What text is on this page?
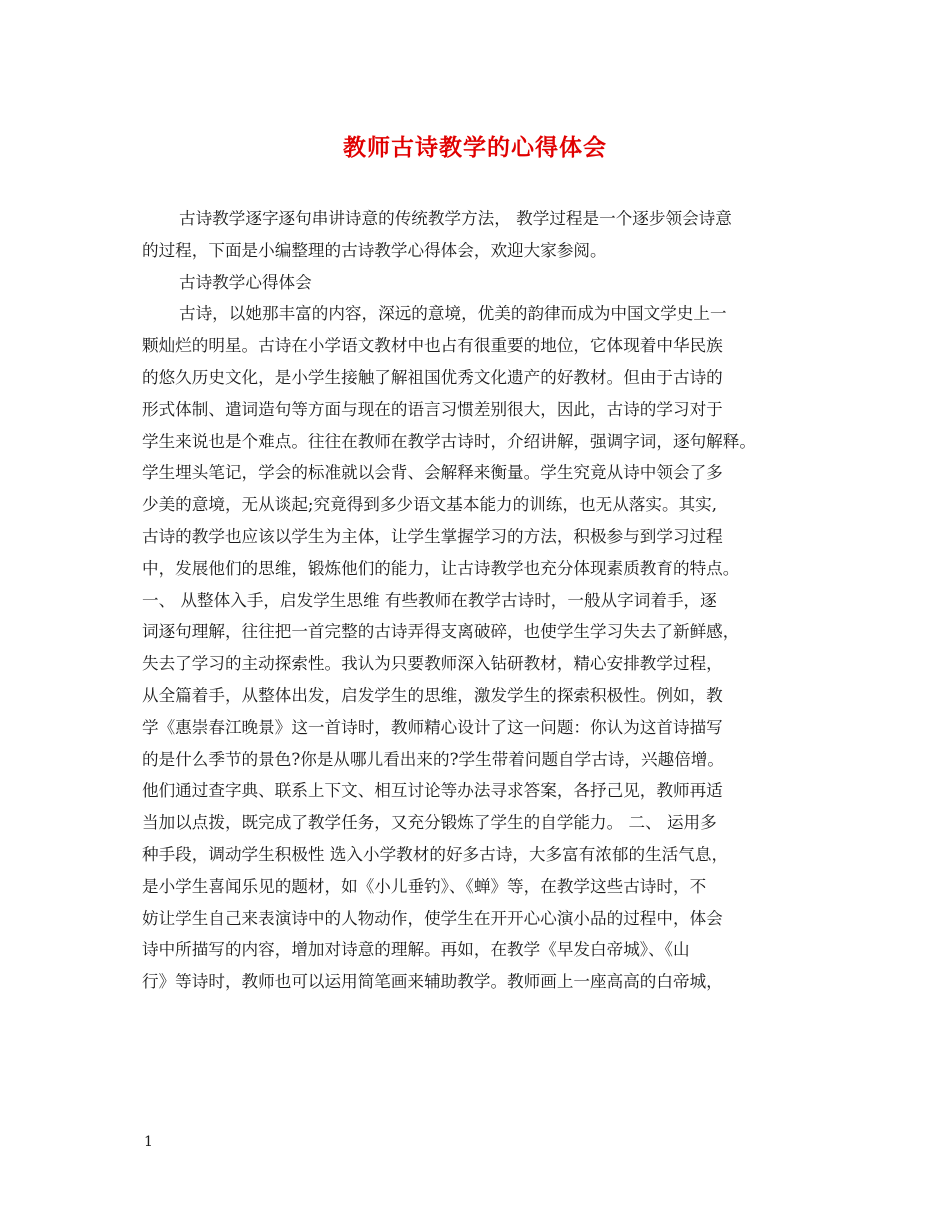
教师古诗教学的心得体会
古诗教学逐字逐句串讲诗意的传统教学方法， 教学过程是一个逐步领会诗意
的过程，下面是小编整理的古诗教学心得体会，欢迎大家参阅。
古诗教学心得体会
古诗，以她那丰富的内容，深远的意境，优美的韵律而成为中国文学史上一
颗灿烂的明星。古诗在小学语文教材中也占有很重要的地位，它体现着中华民族
的悠久历史文化，是小学生接触了解祖国优秀文化遗产的好教材。但由于古诗的
形式体制、遣词造句等方面与现在的语言习惯差别很大，因此，古诗的学习对于
学生来说也是个难点。往往在教师在教学古诗时，介绍讲解，强调字词，逐句解释。
学生埋头笔记，学会的标准就以会背、会解释来衡量。学生究竟从诗中领会了多
少美的意境，无从谈起;究竟得到多少语文基本能力的训练，也无从落实。其实,
古诗的教学也应该以学生为主体，让学生掌握学习的方法，积极参与到学习过程
中，发展他们的思维，锻炼他们的能力，让古诗教学也充分体现素质教育的特点。
一、 从整体入手，启发学生思维 有些教师在教学古诗时，一般从字词着手，逐
词逐句理解，往往把一首完整的古诗弄得支离破碎，也使学生学习失去了新鲜感，
失去了学习的主动探索性。我认为只要教师深入钻研教材，精心安排教学过程，
从全篇着手，从整体出发，启发学生的思维，激发学生的探索积极性。例如，教
学《惠崇春江晚景》这一首诗时，教师精心设计了这一问题：你认为这首诗描写
的是什么季节的景色?你是从哪儿看出来的?学生带着问题自学古诗，兴趣倍增。
他们通过查字典、联系上下文、相互讨论等办法寻求答案，各抒己见，教师再适
当加以点拨，既完成了教学任务，又充分锻炼了学生的自学能力。 二、 运用多
种手段，调动学生积极性 选入小学教材的好多古诗，大多富有浓郁的生活气息，
是小学生喜闻乐见的题材，如《小儿垂钓》、《蝉》等，在教学这些古诗时，不
妨让学生自己来表演诗中的人物动作，使学生在开开心心演小品的过程中，体会
诗中所描写的内容，增加对诗意的理解。再如，在教学《早发白帝城》、《山
行》等诗时，教师也可以运用简笔画来辅助教学。教师画上一座高高的白帝城，
1
